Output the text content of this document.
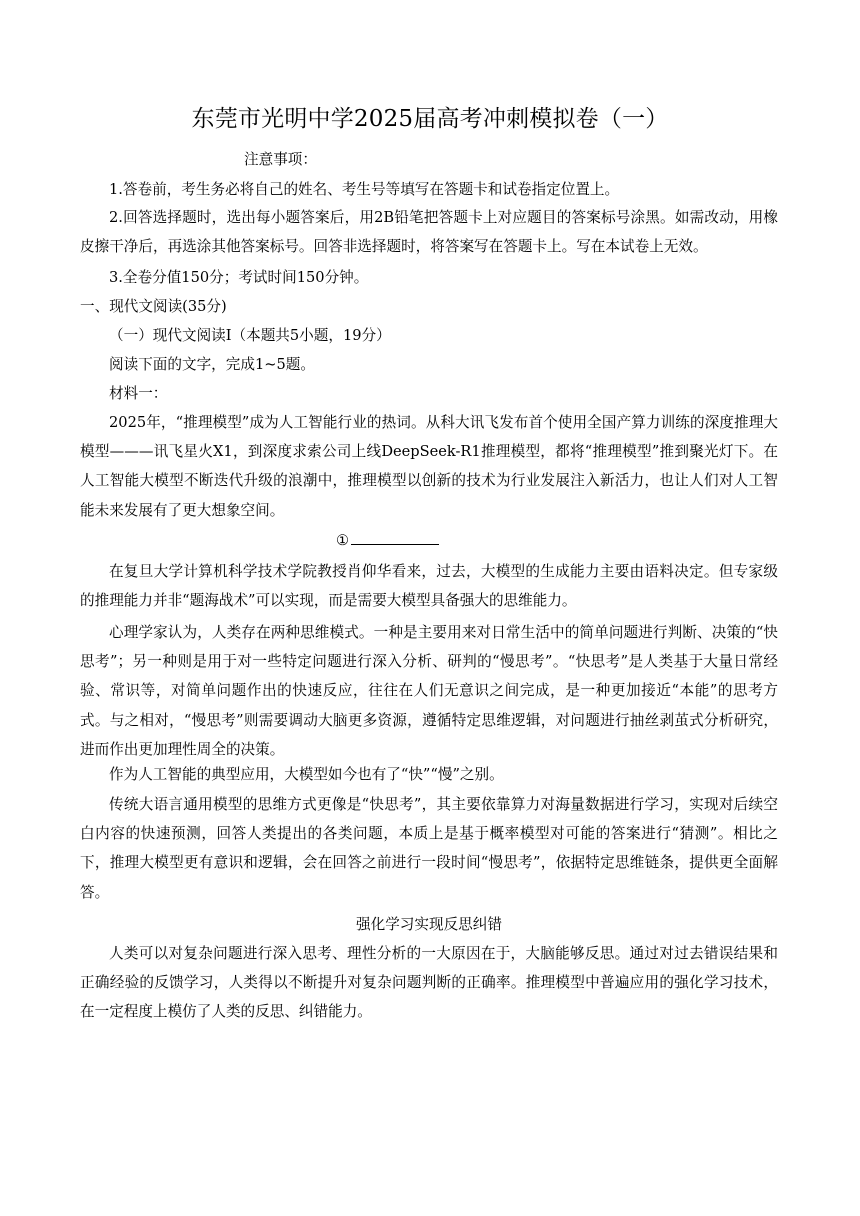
东莞市光明中学2025届高考冲刺模拟卷（一）
注意事项：
1.答卷前，考生务必将自己的姓名、考生号等填写在答题卡和试卷指定位置上。

2.回答选择题时，选出每小题答案后，用2B铅笔把答题卡上对应题目的答案标号涂黑。如需改动，用橡皮擦干净后，再选涂其他答案标号。回答非选择题时，将答案写在答题卡上。写在本试卷上无效。

3.全卷分值150分；考试时间150分钟。
一、现代文阅读(35分)
（一）现代文阅读Ⅰ（本题共5小题，19分）
阅读下面的文字，完成1~5题。
材料一：

2025年，“推理模型”成为人工智能行业的热词。从科大讯飞发布首个使用全国产算力训练的深度推理大模型———讯飞星火X1，到深度求索公司上线DeepSeek-R1推理模型，都将“推理模型”推到聚光灯下。在人工智能大模型不断迭代升级的浪潮中，推理模型以创新的技术为行业发展注入新活力，也让人们对人工智能未来发展有了更大想象空间。

①

在复旦大学计算机科学技术学院教授肖仰华看来，过去，大模型的生成能力主要由语料决定。但专家级的推理能力并非“题海战术”可以实现，而是需要大模型具备强大的思维能力。

心理学家认为，人类存在两种思维模式。一种是主要用来对日常生活中的简单问题进行判断、决策的“快思考”；另一种则是用于对一些特定问题进行深入分析、研判的“慢思考”。“快思考”是人类基于大量日常经验、常识等，对简单问题作出的快速反应，往往在人们无意识之间完成，是一种更加接近“本能”的思考方式。与之相对，“慢思考”则需要调动大脑更多资源，遵循特定思维逻辑，对问题进行抽丝剥茧式分析研究，进而作出更加理性周全的决策。

作为人工智能的典型应用，大模型如今也有了“快”“慢”之别。

传统大语言通用模型的思维方式更像是“快思考”，其主要依靠算力对海量数据进行学习，实现对后续空白内容的快速预测，回答人类提出的各类问题，本质上是基于概率模型对可能的答案进行“猜测”。相比之下，推理大模型更有意识和逻辑，会在回答之前进行一段时间“慢思考”，依据特定思维链条，提供更全面解答。

强化学习实现反思纠错

人类可以对复杂问题进行深入思考、理性分析的一大原因在于，大脑能够反思。通过对过去错误结果和正确经验的反馈学习，人类得以不断提升对复杂问题判断的正确率。推理模型中普遍应用的强化学习技术，在一定程度上模仿了人类的反思、纠错能力。
